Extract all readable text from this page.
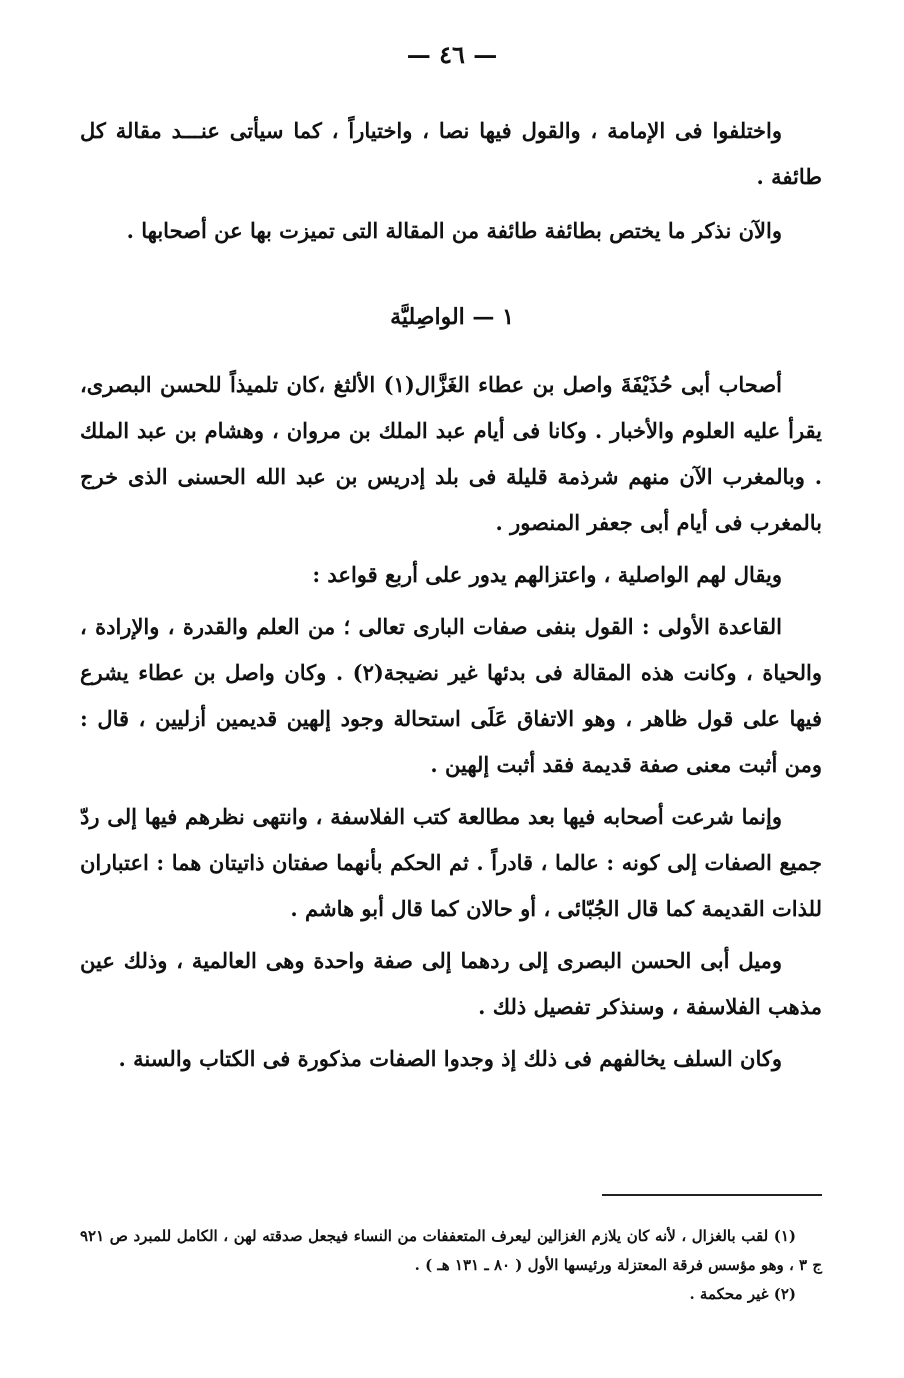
— ٤٦ —

واختلفوا فى الإمامة ، والقول فيها نصا ، واختياراً ، كما سيأتى عنـــد مقالة كل طائفة .

والآن نذكر ما يختص بطائفة طائفة من المقالة التى تميزت بها عن أصحابها .

١ — الواصِليَّة

أصحاب أبى حُذَيْفَةَ واصل بن عطاء الغَزَّال(١) الألثغ ،كان تلميذاً للحسن البصرى، يقرأ عليه العلوم والأخبار . وكانا فى أيام عبد الملك بن مروان ، وهشام بن عبد الملك . وبالمغرب الآن منهم شرذمة قليلة فى بلد إدريس بن عبد الله الحسنى الذى خرج بالمغرب فى أيام أبى جعفر المنصور .

ويقال لهم الواصلية ، واعتزالهم يدور على أربع قواعد :

القاعدة الأولى : القول بنفى صفات البارى تعالى ؛ من العلم والقدرة ، والإرادة ، والحياة ، وكانت هذه المقالة فى بدئها غير نضيجة(٢) . وكان واصل بن عطاء يشرع فيها على قول ظاهر ، وهو الاتفاق عَلَى استحالة وجود إلهين قديمين أزليين ، قال : ومن أثبت معنى صفة قديمة فقد أثبت إلهين .

وإنما شرعت أصحابه فيها بعد مطالعة كتب الفلاسفة ، وانتهى نظرهم فيها إلى ردّ جميع الصفات إلى كونه : عالما ، قادراً . ثم الحكم بأنهما صفتان ذاتيتان هما : اعتباران للذات القديمة كما قال الجُبّائى ، أو حالان كما قال أبو هاشم .

وميل أبى الحسن البصرى إلى ردهما إلى صفة واحدة وهى العالمية ، وذلك عين مذهب الفلاسفة ، وسنذكر تفصيل ذلك .

وكان السلف يخالفهم فى ذلك إذ وجدوا الصفات مذكورة فى الكتاب والسنة .

(١) لقب بالغزال ، لأنه كان يلازم الغزالين ليعرف المتعففات من النساء فيجعل صدقته لهن ، الكامل للمبرد ص ٩٢١ ج ٣ ، وهو مؤسس فرقة المعتزلة ورئيسها الأول ( ٨٠ ـ ١٣١ هـ ) .

(٢) غير محكمة .
